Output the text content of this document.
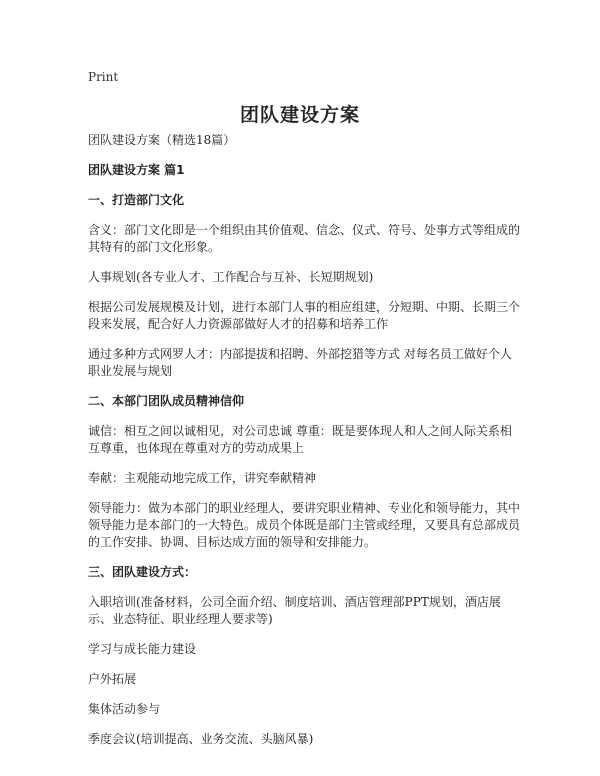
Print
团队建设方案

团队建设方案（精选18篇）

团队建设方案 篇1

一、打造部门文化

含义：部门文化即是一个组织由其价值观、信念、仪式、符号、处事方式等组成的其特有的部门文化形象。

人事规划(各专业人才、工作配合与互补、长短期规划)

根据公司发展规模及计划，进行本部门人事的相应组建，分短期、中期、长期三个段来发展，配合好人力资源部做好人才的招募和培养工作

通过多种方式网罗人才：内部提拔和招聘、外部挖猎等方式 对每名员工做好个人职业发展与规划

二、本部门团队成员精神信仰

诚信：相互之间以诚相见，对公司忠诚 尊重：既是要体现人和人之间人际关系相互尊重，也体现在尊重对方的劳动成果上

奉献：主观能动地完成工作，讲究奉献精神

领导能力：做为本部门的职业经理人，要讲究职业精神、专业化和领导能力，其中领导能力是本部门的一大特色。成员个体既是部门主管或经理，又要具有总部成员的工作安排、协调、目标达成方面的领导和安排能力。

三、团队建设方式：

入职培训(准备材料，公司全面介绍、制度培训、酒店管理部PPT规划，酒店展示、业态特征、职业经理人要求等)

学习与成长能力建设

户外拓展

集体活动参与

季度会议(培训提高、业务交流、头脑风暴)
